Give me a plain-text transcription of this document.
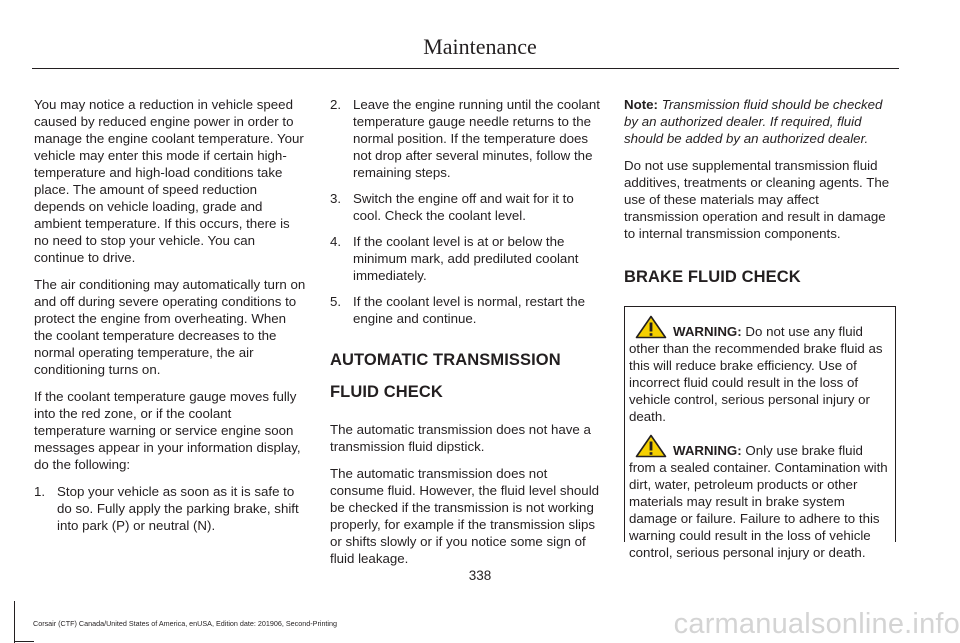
Maintenance

You may notice a reduction in vehicle speed caused by reduced engine power in order to manage the engine coolant temperature. Your vehicle may enter this mode if certain high-temperature and high-load conditions take place. The amount of speed reduction depends on vehicle loading, grade and ambient temperature. If this occurs, there is no need to stop your vehicle. You can continue to drive.

The air conditioning may automatically turn on and off during severe operating conditions to protect the engine from overheating. When the coolant temperature decreases to the normal operating temperature, the air conditioning turns on.

If the coolant temperature gauge moves fully into the red zone, or if the coolant temperature warning or service engine soon messages appear in your information display, do the following:

1. Stop your vehicle as soon as it is safe to do so. Fully apply the parking brake, shift into park (P) or neutral (N).
2. Leave the engine running until the coolant temperature gauge needle returns to the normal position. If the temperature does not drop after several minutes, follow the remaining steps.
3. Switch the engine off and wait for it to cool. Check the coolant level.
4. If the coolant level is at or below the minimum mark, add prediluted coolant immediately.
5. If the coolant level is normal, restart the engine and continue.
AUTOMATIC TRANSMISSION
FLUID CHECK

The automatic transmission does not have a transmission fluid dipstick.

The automatic transmission does not consume fluid. However, the fluid level should be checked if the transmission is not working properly, for example if the transmission slips or shifts slowly or if you notice some sign of fluid leakage.

Note: Transmission fluid should be checked by an authorized dealer. If required, fluid should be added by an authorized dealer.

Do not use supplemental transmission fluid additives, treatments or cleaning agents. The use of these materials may affect transmission operation and result in damage to internal transmission components.

BRAKE FLUID CHECK

WARNING: Do not use any fluid other than the recommended brake fluid as this will reduce brake efficiency. Use of incorrect fluid could result in the loss of vehicle control, serious personal injury or death.

WARNING: Only use brake fluid from a sealed container. Contamination with dirt, water, petroleum products or other materials may result in brake system damage or failure. Failure to adhere to this warning could result in the loss of vehicle control, serious personal injury or death.

338
Corsair (CTF) Canada/United States of America, enUSA, Edition date: 201906, Second-Printing	carmanualsonline.info
